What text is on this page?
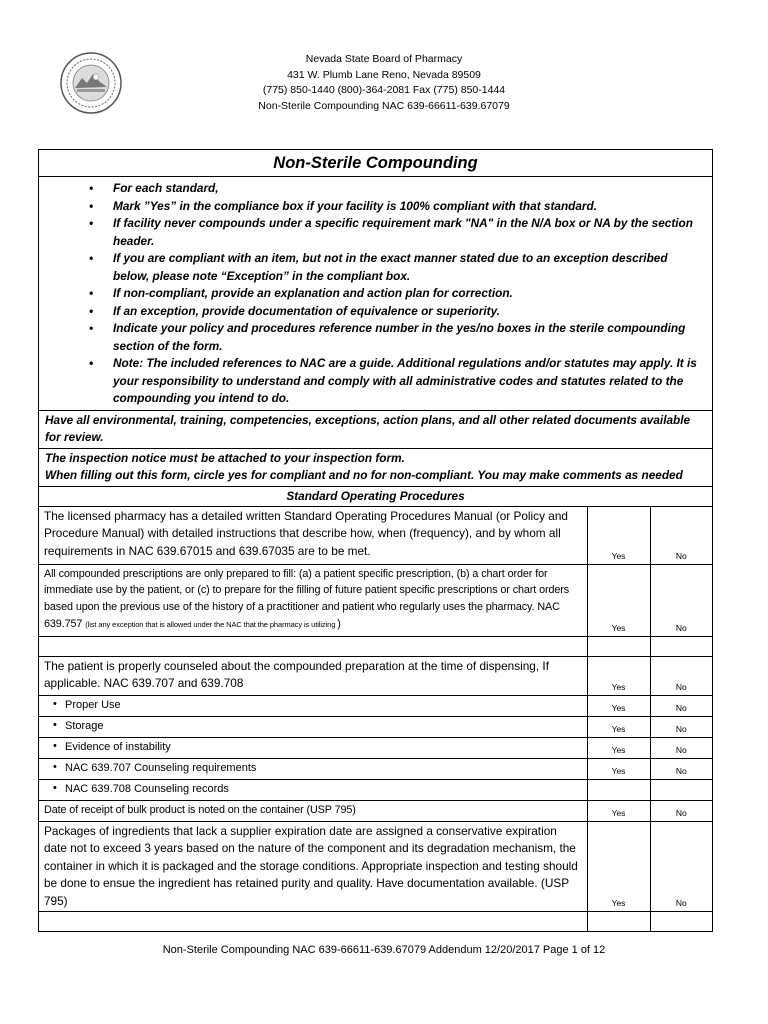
Nevada State Board of Pharmacy
431 W. Plumb Lane Reno, Nevada 89509
(775) 850-1440 (800)-364-2081 Fax (775) 850-1444
Non-Sterile Compounding NAC 639-66611-639.67079
Non-Sterile Compounding
• For each standard,
• Mark ”Yes” in the compliance box if your facility is 100% compliant with that standard.
• If facility never compounds under a specific requirement mark "NA" in the N/A box or NA by the section header.
• If you are compliant with an item, but not in the exact manner stated due to an exception described below, please note “Exception” in the compliant box.
• If non-compliant, provide an explanation and action plan for correction.
• If an exception, provide documentation of equivalence or superiority.
• Indicate your policy and procedures reference number in the yes/no boxes in the sterile compounding section of the form.
• Note: The included references to NAC are a guide. Additional regulations and/or statutes may apply. It is your responsibility to understand and comply with all administrative codes and statutes related to the compounding you intend to do.
Have all environmental, training, competencies, exceptions, action plans, and all other related documents available for review.
The inspection notice must be attached to your inspection form.
When filling out this form, circle yes for compliant and no for non-compliant. You may make comments as needed
Standard Operating Procedures
The licensed pharmacy has a detailed written Standard Operating Procedures Manual (or Policy and Procedure Manual) with detailed instructions that describe how, when (frequency), and by whom all requirements in NAC 639.67015 and 639.67035 are to be met.	Yes	No
All compounded prescriptions are only prepared to fill: (a) a patient specific prescription, (b) a chart order for immediate use by the patient, or (c) to prepare for the filling of future patient specific prescriptions or chart orders based upon the previous use of the history of a practitioner and patient who regularly uses the pharmacy. NAC 639.757 (list any exception that is allowed under the NAC that the pharmacy is utilizing )	Yes	No

The patient is properly counseled about the compounded preparation at the time of dispensing, If applicable. NAC 639.707 and 639.708	Yes	No
• Proper Use	Yes	No
• Storage	Yes	No
• Evidence of instability	Yes	No
• NAC 639.707 Counseling requirements	Yes	No
• NAC 639.708 Counseling records		
Date of receipt of bulk product is noted on the container (USP 795)	Yes	No
Packages of ingredients that lack a supplier expiration date are assigned a conservative expiration date not to exceed 3 years based on the nature of the component and its degradation mechanism, the container in which it is packaged and the storage conditions. Appropriate inspection and testing should be done to ensue the ingredient has retained purity and quality. Have documentation available. (USP 795)	Yes	No

Non-Sterile Compounding NAC 639-66611-639.67079 Addendum 12/20/2017 Page 1 of 12
